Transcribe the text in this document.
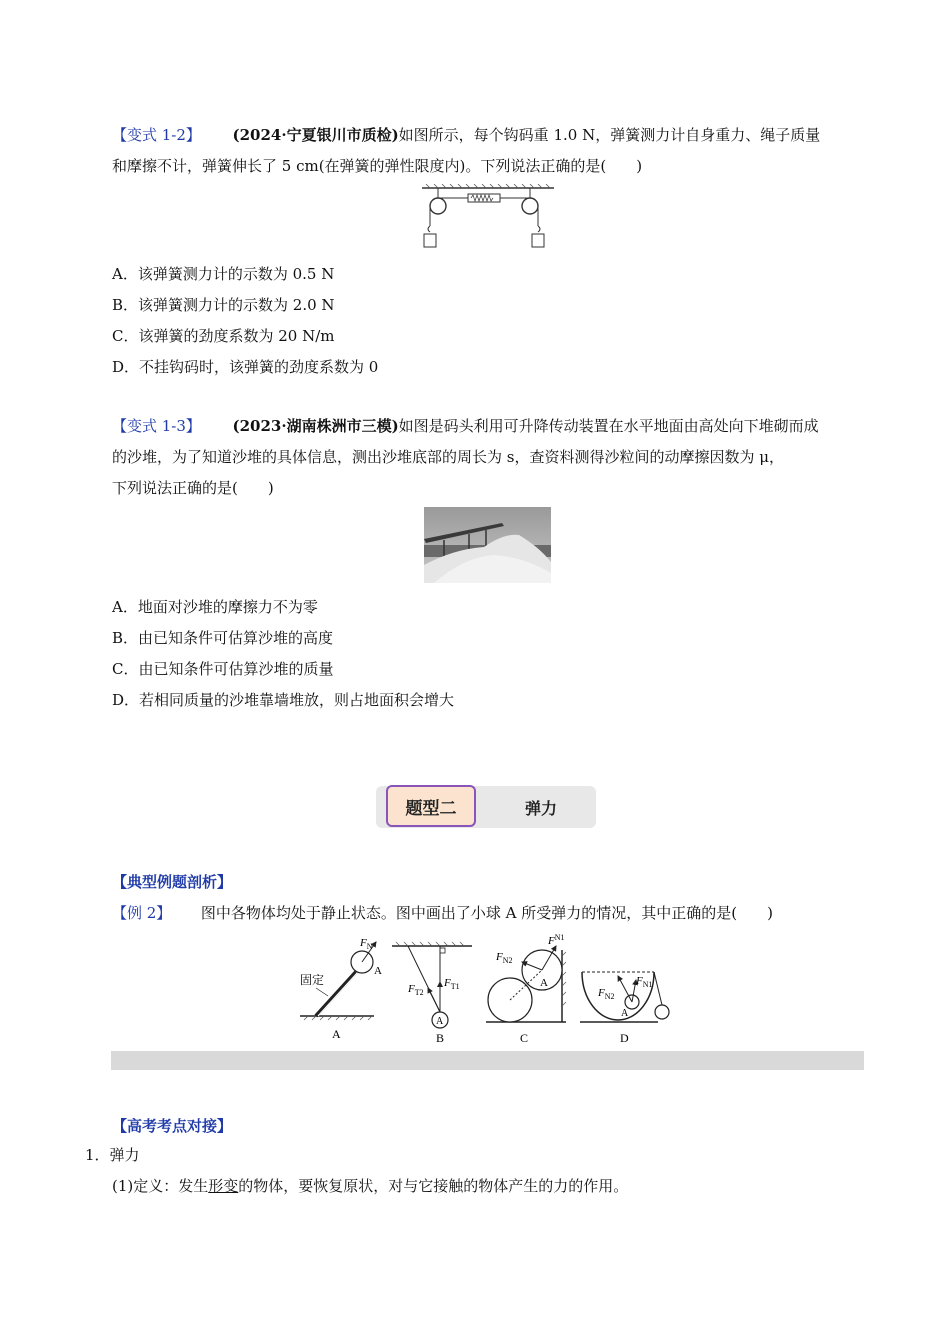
【变式 1-2】 (2024·宁夏银川市质检)如图所示，每个钩码重 1.0 N，弹簧测力计自身重力、绳子质量
和摩擦不计，弹簧伸长了 5 cm(在弹簧的弹性限度内)。下列说法正确的是(　　)
A．该弹簧测力计的示数为 0.5 N
B．该弹簧测力计的示数为 2.0 N
C．该弹簧的劲度系数为 20 N/m
D．不挂钩码时，该弹簧的劲度系数为 0
【变式 1-3】 (2023·湖南株洲市三模)如图是码头利用可升降传动装置在水平地面由高处向下堆砌而成
的沙堆，为了知道沙堆的具体信息，测出沙堆底部的周长为 s，查资料测得沙粒间的动摩擦因数为 μ，
下列说法正确的是(　　)
A．地面对沙堆的摩擦力不为零
B．由已知条件可估算沙堆的高度
C．由已知条件可估算沙堆的质量
D．若相同质量的沙堆靠墙堆放，则占地面积会增大
题型二	弹力
【典型例题剖析】
【例 2】 图中各物体均处于静止状态。图中画出了小球 A 所受弹力的情况，其中正确的是(　　)
$F_N$
A
固定
A
A
$F_{T2}$
$F_{T1}$
B
A
$F^{N1}$
$F_{N2}$
C
A
$F_{N1}$
$F_{N2}$
D
【高考考点对接】
1．弹力
(1)定义：发生形变的物体，要恢复原状，对与它接触的物体产生的力的作用。
